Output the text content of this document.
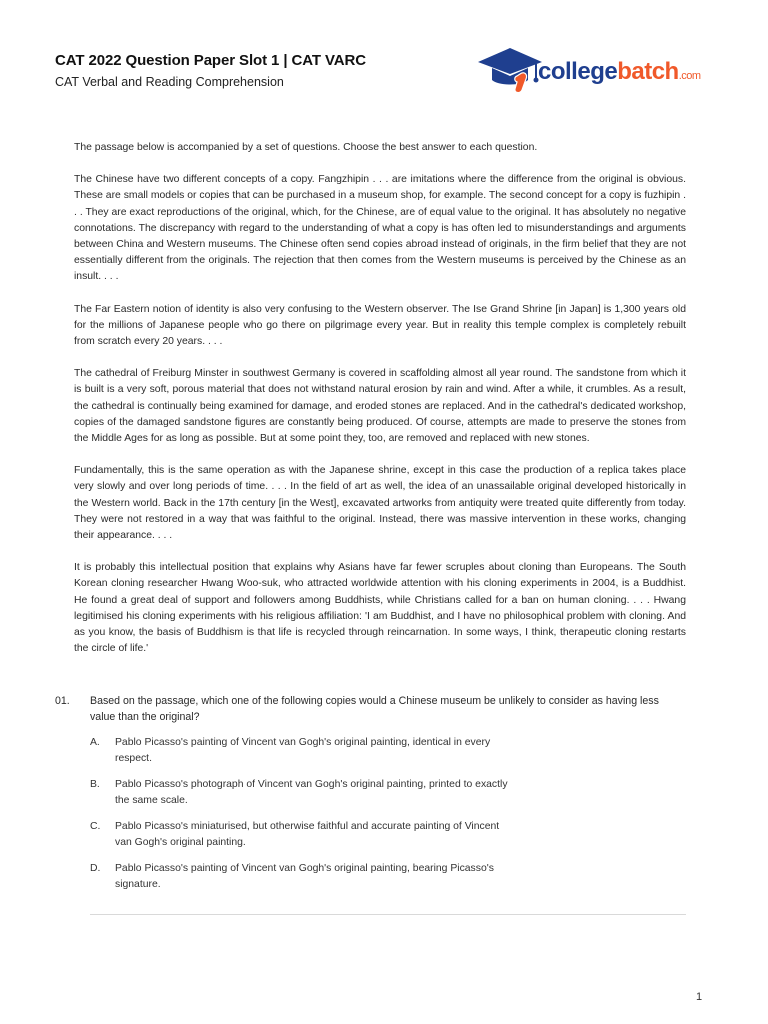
CAT 2022 Question Paper Slot 1 | CAT VARC
CAT Verbal and Reading Comprehension	collegebatch.com

The passage below is accompanied by a set of questions. Choose the best answer to each question.

The Chinese have two different concepts of a copy. Fangzhipin . . . are imitations where the difference from the original is obvious. These are small models or copies that can be purchased in a museum shop, for example. The second concept for a copy is fuzhipin . . . They are exact reproductions of the original, which, for the Chinese, are of equal value to the original. It has absolutely no negative connotations. The discrepancy with regard to the understanding of what a copy is has often led to misunderstandings and arguments between China and Western museums. The Chinese often send copies abroad instead of originals, in the firm belief that they are not essentially different from the originals. The rejection that then comes from the Western museums is perceived by the Chinese as an insult. . . .

The Far Eastern notion of identity is also very confusing to the Western observer. The Ise Grand Shrine [in Japan] is 1,300 years old for the millions of Japanese people who go there on pilgrimage every year. But in reality this temple complex is completely rebuilt from scratch every 20 years. . . .

The cathedral of Freiburg Minster in southwest Germany is covered in scaffolding almost all year round. The sandstone from which it is built is a very soft, porous material that does not withstand natural erosion by rain and wind. After a while, it crumbles. As a result, the cathedral is continually being examined for damage, and eroded stones are replaced. And in the cathedral's dedicated workshop, copies of the damaged sandstone figures are constantly being produced. Of course, attempts are made to preserve the stones from the Middle Ages for as long as possible. But at some point they, too, are removed and replaced with new stones.

Fundamentally, this is the same operation as with the Japanese shrine, except in this case the production of a replica takes place very slowly and over long periods of time. . . . In the field of art as well, the idea of an unassailable original developed historically in the Western world. Back in the 17th century [in the West], excavated artworks from antiquity were treated quite differently from today. They were not restored in a way that was faithful to the original. Instead, there was massive intervention in these works, changing their appearance. . . .

It is probably this intellectual position that explains why Asians have far fewer scruples about cloning than Europeans. The South Korean cloning researcher Hwang Woo-suk, who attracted worldwide attention with his cloning experiments in 2004, is a Buddhist. He found a great deal of support and followers among Buddhists, while Christians called for a ban on human cloning. . . . Hwang legitimised his cloning experiments with his religious affiliation: 'I am Buddhist, and I have no philosophical problem with cloning. And as you know, the basis of Buddhism is that life is recycled through reincarnation. In some ways, I think, therapeutic cloning restarts the circle of life.'

01.	Based on the passage, which one of the following copies would a Chinese museum be unlikely to consider as having less value than the original?
A.	Pablo Picasso's painting of Vincent van Gogh's original painting, identical in every respect.
B.	Pablo Picasso's photograph of Vincent van Gogh's original painting, printed to exactly the same scale.
C.	Pablo Picasso's miniaturised, but otherwise faithful and accurate painting of Vincent van Gogh's original painting.
D.	Pablo Picasso's painting of Vincent van Gogh's original painting, bearing Picasso's signature.
1
